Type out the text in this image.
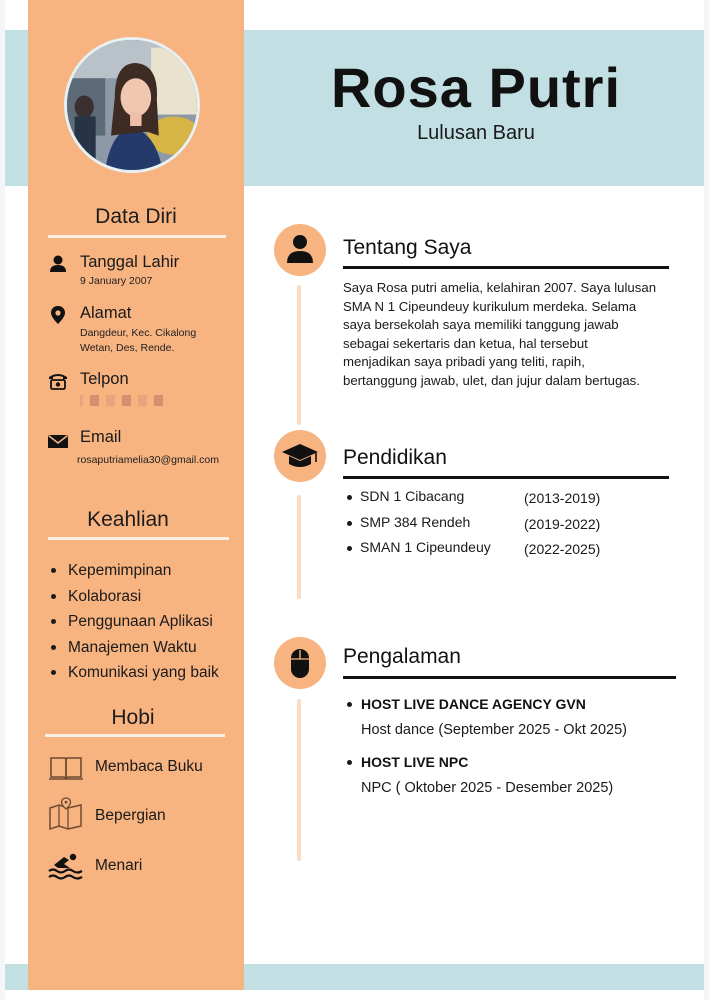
Data Diri
Tanggal Lahir
9 January 2007
Alamat
Dangdeur, Kec. Cikalong Wetan, Des, Rende.
Telpon
Email
rosaputriamelia30@gmail.com
Keahlian
Kepemimpinan
Kolaborasi
Penggunaan Aplikasi
Manajemen Waktu
Komunikasi yang baik
Hobi
Membaca Buku
Bepergian
Menari
Rosa Putri
Lulusan Baru
Tentang Saya
Saya Rosa putri amelia, kelahiran 2007. Saya lulusan SMA N 1 Cipeundeuy kurikulum merdeka. Selama saya bersekolah saya memiliki tanggung jawab sebagai sekertaris dan ketua, hal tersebut menjadikan saya pribadi yang teliti, rapih, bertanggung jawab, ulet, dan jujur dalam bertugas.
Pendidikan
SDN 1 Cibacang	(2013-2019)
SMP 384 Rendeh	(2019-2022)
SMAN 1 Cipeundeuy (2022-2025)
Pengalaman
HOST LIVE DANCE AGENCY GVN
Host dance (September 2025 - Okt 2025)
HOST LIVE NPC
NPC ( Oktober 2025 - Desember 2025)
